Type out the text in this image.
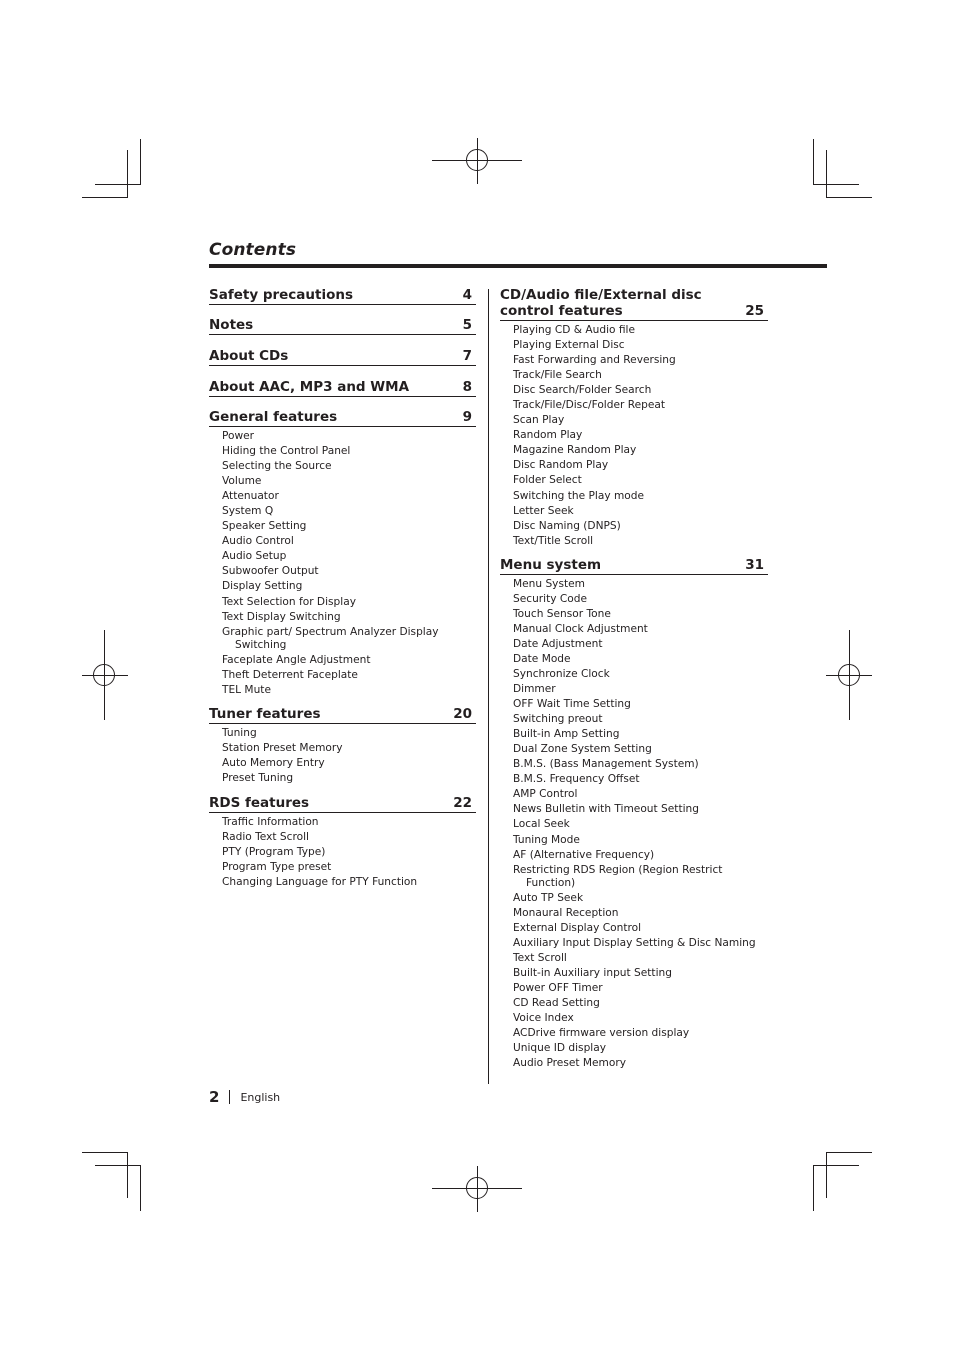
Contents
Safety precautions	4
Notes	5
About CDs	7
About AAC, MP3 and WMA	8
General features	9
Power
Hiding the Control Panel
Selecting the Source
Volume
Attenuator
System Q
Speaker Setting
Audio Control
Audio Setup
Subwoofer Output
Display Setting
Text Selection for Display
Text Display Switching
Graphic part/ Spectrum Analyzer Display Switching
Faceplate Angle Adjustment
Theft Deterrent Faceplate
TEL Mute
Tuner features	20
Tuning
Station Preset Memory
Auto Memory Entry
Preset Tuning
RDS features	22
Traffic Information
Radio Text Scroll
PTY (Program Type)
Program Type preset
Changing Language for PTY Function
CD/Audio file/External disc control features	25
Playing CD & Audio file
Playing External Disc
Fast Forwarding and Reversing
Track/File Search
Disc Search/Folder Search
Track/File/Disc/Folder Repeat
Scan Play
Random Play
Magazine Random Play
Disc Random Play
Folder Select
Switching the Play mode
Letter Seek
Disc Naming (DNPS)
Text/Title Scroll
Menu system	31
Menu System
Security Code
Touch Sensor Tone
Manual Clock Adjustment
Date Adjustment
Date Mode
Synchronize Clock
Dimmer
OFF Wait Time Setting
Switching preout
Built-in Amp Setting
Dual Zone System Setting
B.M.S. (Bass Management System)
B.M.S. Frequency Offset
AMP Control
News Bulletin with Timeout Setting
Local Seek
Tuning Mode
AF (Alternative Frequency)
Restricting RDS Region (Region Restrict Function)
Auto TP Seek
Monaural Reception
External Display Control
Auxiliary Input Display Setting & Disc Naming
Text Scroll
Built-in Auxiliary input Setting
Power OFF Timer
CD Read Setting
Voice Index
ACDrive firmware version display
Unique ID display
Audio Preset Memory
2 English
